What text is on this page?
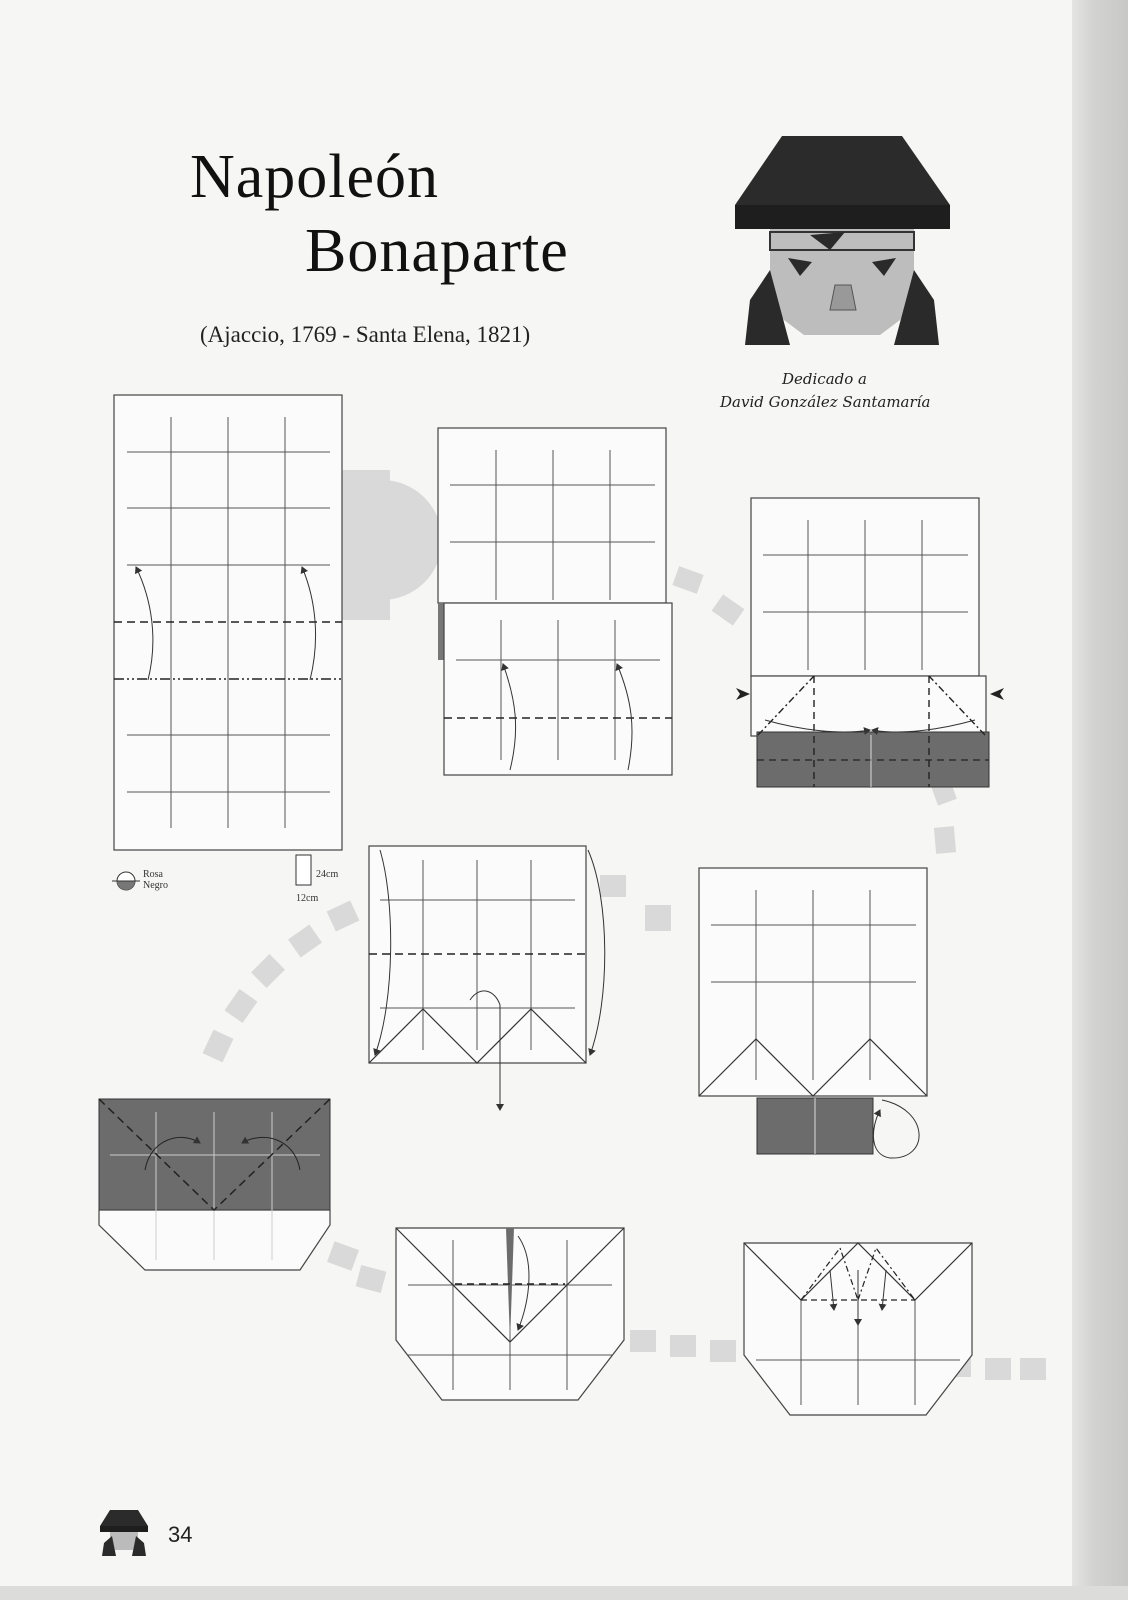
Napoleón
Bonaparte
(Ajaccio, 1769 - Santa Elena, 1821)
Dedicado a
David González Santamaría
Rosa
Negro
24cm
12cm
34
